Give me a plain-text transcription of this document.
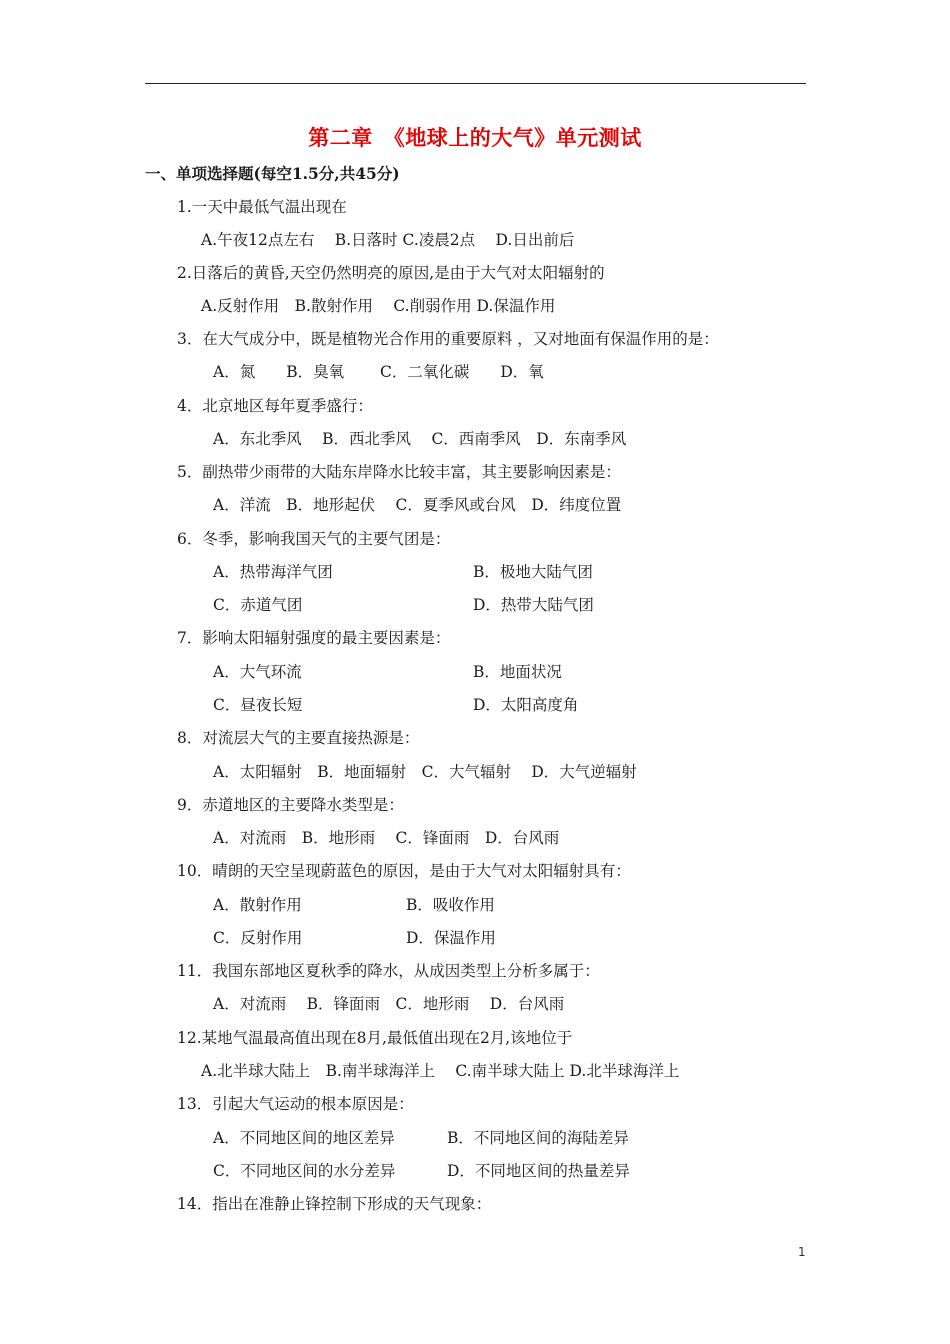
第二章　《地球上的大气》单元测试
一、单项选择题(每空1.5分,共45分)
1.一天中最低气温出现在
A.午夜12点左右　 B.日落时 C.凌晨2点　 D.日出前后
2.日落后的黄昏,天空仍然明亮的原因,是由于大气对太阳辐射的
A.反射作用　B.散射作用　 C.削弱作用 D.保温作用
3．在大气成分中，既是植物光合作用的重要原料 ，又对地面有保温作用的是：
A．氮　　B．臭氧　　 C．二氧化碳　　D．氧
4．北京地区每年夏季盛行：
A．东北季风　 B．西北季风　 C．西南季风　D．东南季风
5．副热带少雨带的大陆东岸降水比较丰富，其主要影响因素是：
A．洋流　B．地形起伏　 C．夏季风或台风　D．纬度位置
6．冬季，影响我国天气的主要气团是：
A．热带海洋气团	B．极地大陆气团
C．赤道气团	D．热带大陆气团
7．影响太阳辐射强度的最主要因素是：
A．大气环流	B．地面状况
C．昼夜长短	D．太阳高度角
8．对流层大气的主要直接热源是：
A．太阳辐射　B．地面辐射　C．大气辐射　 D．大气逆辐射
9．赤道地区的主要降水类型是：
A．对流雨　B．地形雨　 C．锋面雨　D．台风雨
10．晴朗的天空呈现蔚蓝色的原因，是由于大气对太阳辐射具有：
A．散射作用	B．吸收作用
C．反射作用	D．保温作用
11．我国东部地区夏秋季的降水，从成因类型上分析多属于：
A．对流雨　 B．锋面雨　C．地形雨　 D．台风雨
12.某地气温最高值出现在8月,最低值出现在2月,该地位于
A.北半球大陆上　B.南半球海洋上　 C.南半球大陆上 D.北半球海洋上
13．引起大气运动的根本原因是：
A．不同地区间的地区差异	B．不同地区间的海陆差异
C．不同地区间的水分差异	D．不同地区间的热量差异
14．指出在准静止锋控制下形成的天气现象：
1
